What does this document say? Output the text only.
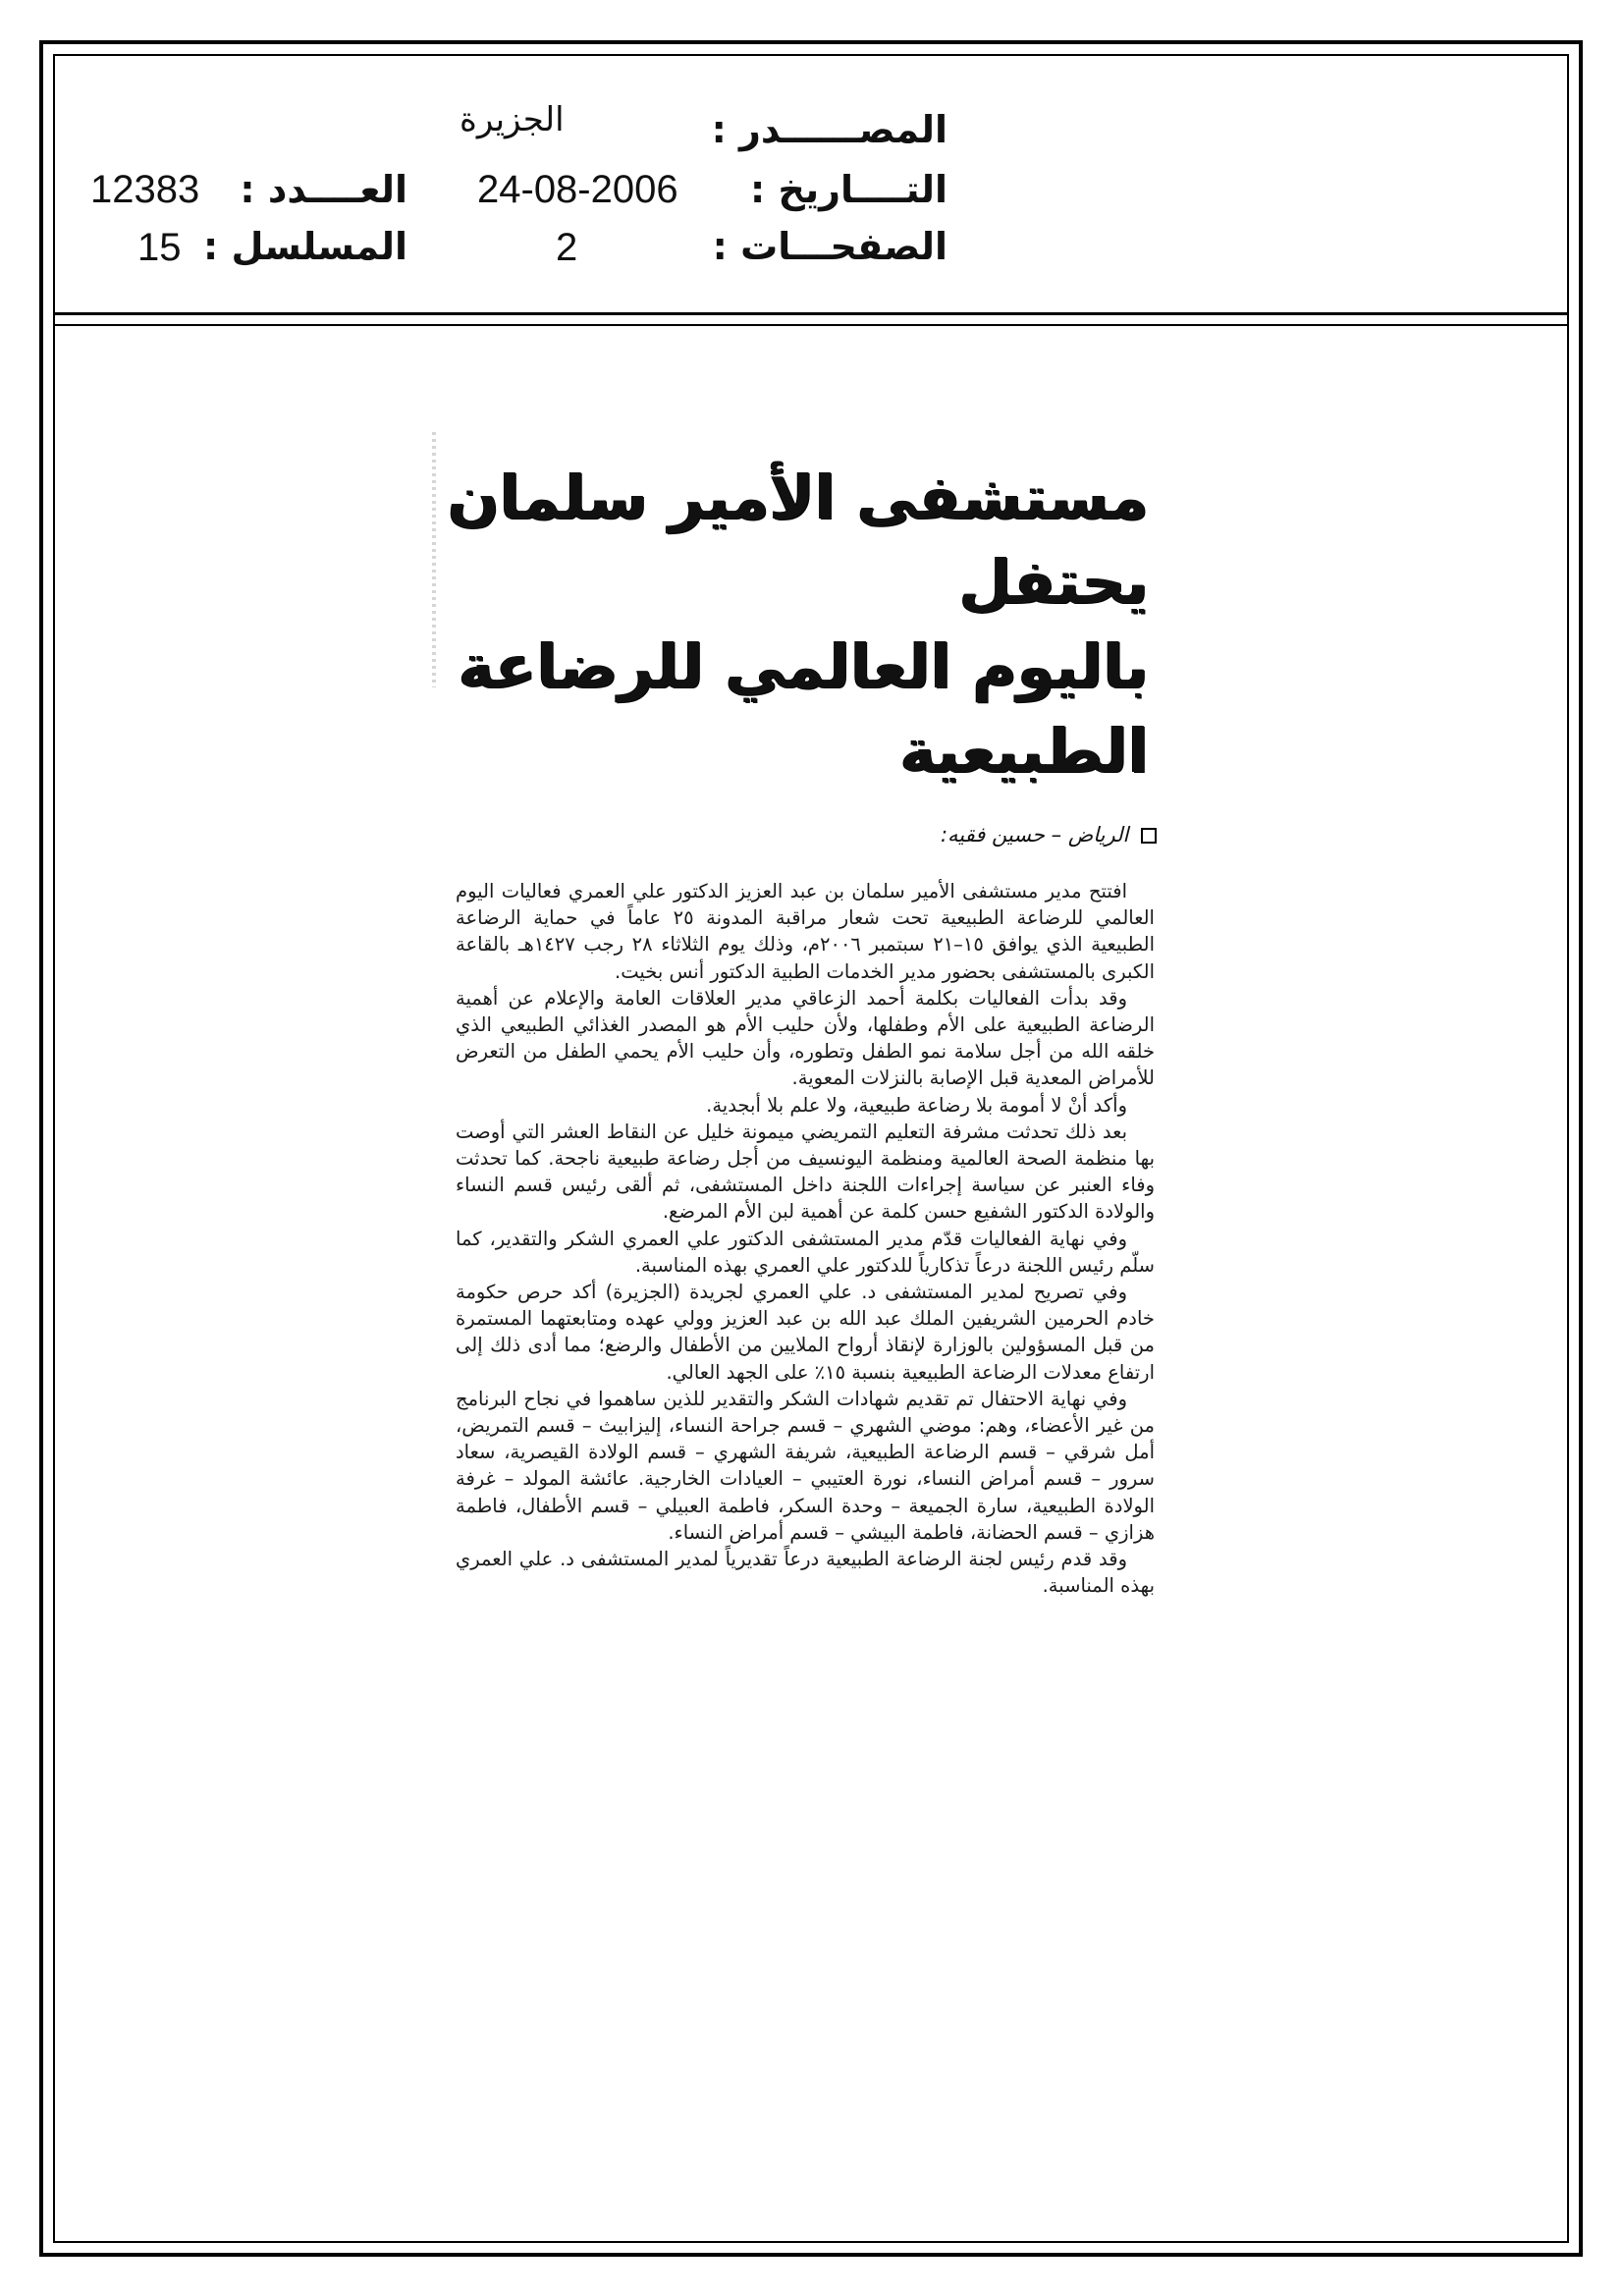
المصــــــدر :
الجزيرة
التــــاريخ :
24-08-2006
العــــدد :
12383
الصفحـــات :
2
المسلسل :
15
مستشفى الأمير سلمان يحتفل
باليوم العالمي للرضاعة الطبيعية
الرياض – حسين فقيه:

افتتح مدير مستشفى الأمير سلمان بن عبد العزيز الدكتور علي العمري فعاليات اليوم العالمي للرضاعة الطبيعية تحت شعار مراقبة المدونة ٢٥ عاماً في حماية الرضاعة الطبيعية الذي يوافق ١٥–٢١ سبتمبر ٢٠٠٦م، وذلك يوم الثلاثاء ٢٨ رجب ١٤٢٧هـ بالقاعة الكبرى بالمستشفى بحضور مدير الخدمات الطبية الدكتور أنس بخيت.

وقد بدأت الفعاليات بكلمة أحمد الزعاقي مدير العلاقات العامة والإعلام عن أهمية الرضاعة الطبيعية على الأم وطفلها، ولأن حليب الأم هو المصدر الغذائي الطبيعي الذي خلقه الله من أجل سلامة نمو الطفل وتطوره، وأن حليب الأم يحمي الطفل من التعرض للأمراض المعدية قبل الإصابة بالنزلات المعوية.

وأكد أنْ لا أمومة بلا رضاعة طبيعية، ولا علم بلا أبجدية.

بعد ذلك تحدثت مشرفة التعليم التمريضي ميمونة خليل عن النقاط العشر التي أوصت بها منظمة الصحة العالمية ومنظمة اليونسيف من أجل رضاعة طبيعية ناجحة. كما تحدثت وفاء العنبر عن سياسة إجراءات اللجنة داخل المستشفى، ثم ألقى رئيس قسم النساء والولادة الدكتور الشفيع حسن كلمة عن أهمية لبن الأم المرضع.

وفي نهاية الفعاليات قدّم مدير المستشفى الدكتور علي العمري الشكر والتقدير، كما سلّم رئيس اللجنة درعاً تذكارياً للدكتور علي العمري بهذه المناسبة.

وفي تصريح لمدير المستشفى د. علي العمري لجريدة (الجزيرة) أكد حرص حكومة خادم الحرمين الشريفين الملك عبد الله بن عبد العزيز وولي عهده ومتابعتهما المستمرة من قبل المسؤولين بالوزارة لإنقاذ أرواح الملايين من الأطفال والرضع؛ مما أدى ذلك إلى ارتفاع معدلات الرضاعة الطبيعية بنسبة ١٥٪ على الجهد العالي.

وفي نهاية الاحتفال تم تقديم شهادات الشكر والتقدير للذين ساهموا في نجاح البرنامج من غير الأعضاء، وهم: موضي الشهري – قسم جراحة النساء، إليزابيث – قسم التمريض، أمل شرقي – قسم الرضاعة الطبيعية، شريفة الشهري – قسم الولادة القيصرية، سعاد سرور – قسم أمراض النساء، نورة العتيبي – العيادات الخارجية. عائشة المولد – غرفة الولادة الطبيعية، سارة الجميعة – وحدة السكر، فاطمة العبيلي – قسم الأطفال، فاطمة هزازي – قسم الحضانة، فاطمة البيشي – قسم أمراض النساء.

وقد قدم رئيس لجنة الرضاعة الطبيعية درعاً تقديرياً لمدير المستشفى د. علي العمري بهذه المناسبة.
